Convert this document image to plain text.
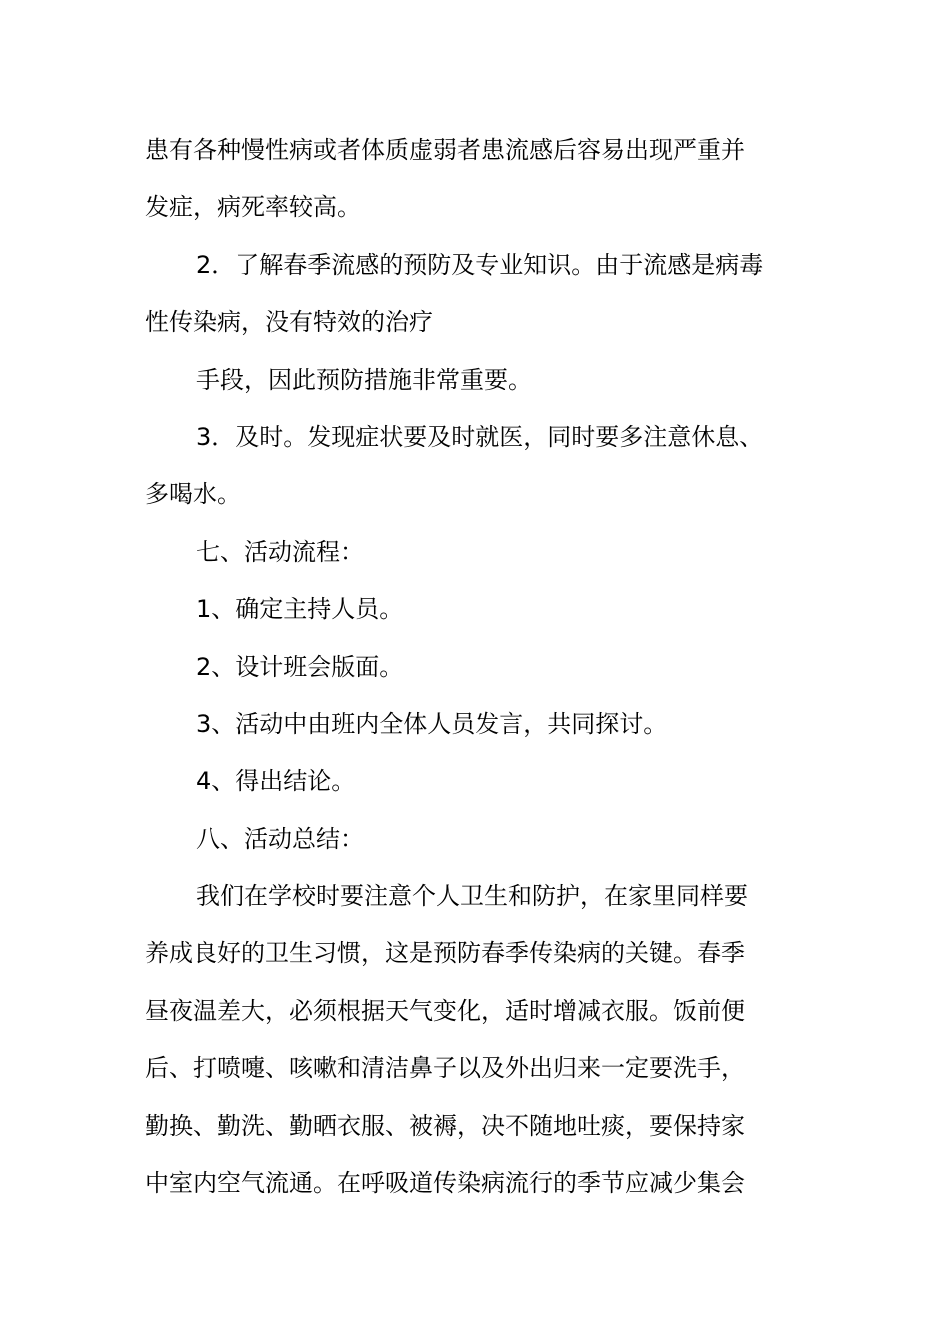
患有各种慢性病或者体质虚弱者患流感后容易出现严重并
发症，病死率较高。
2．了解春季流感的预防及专业知识。由于流感是病毒
性传染病，没有特效的治疗
手段，因此预防措施非常重要。
3．及时。发现症状要及时就医，同时要多注意休息、
多喝水。
七、活动流程：
1、确定主持人员。
2、设计班会版面。
3、活动中由班内全体人员发言，共同探讨。
4、得出结论。
八、活动总结：
我们在学校时要注意个人卫生和防护，在家里同样要
养成良好的卫生习惯，这是预防春季传染病的关键。春季
昼夜温差大，必须根据天气变化，适时增减衣服。饭前便
后、打喷嚏、咳嗽和清洁鼻子以及外出归来一定要洗手，
勤换、勤洗、勤晒衣服、被褥，决不随地吐痰，要保持家
中室内空气流通。在呼吸道传染病流行的季节应减少集会
